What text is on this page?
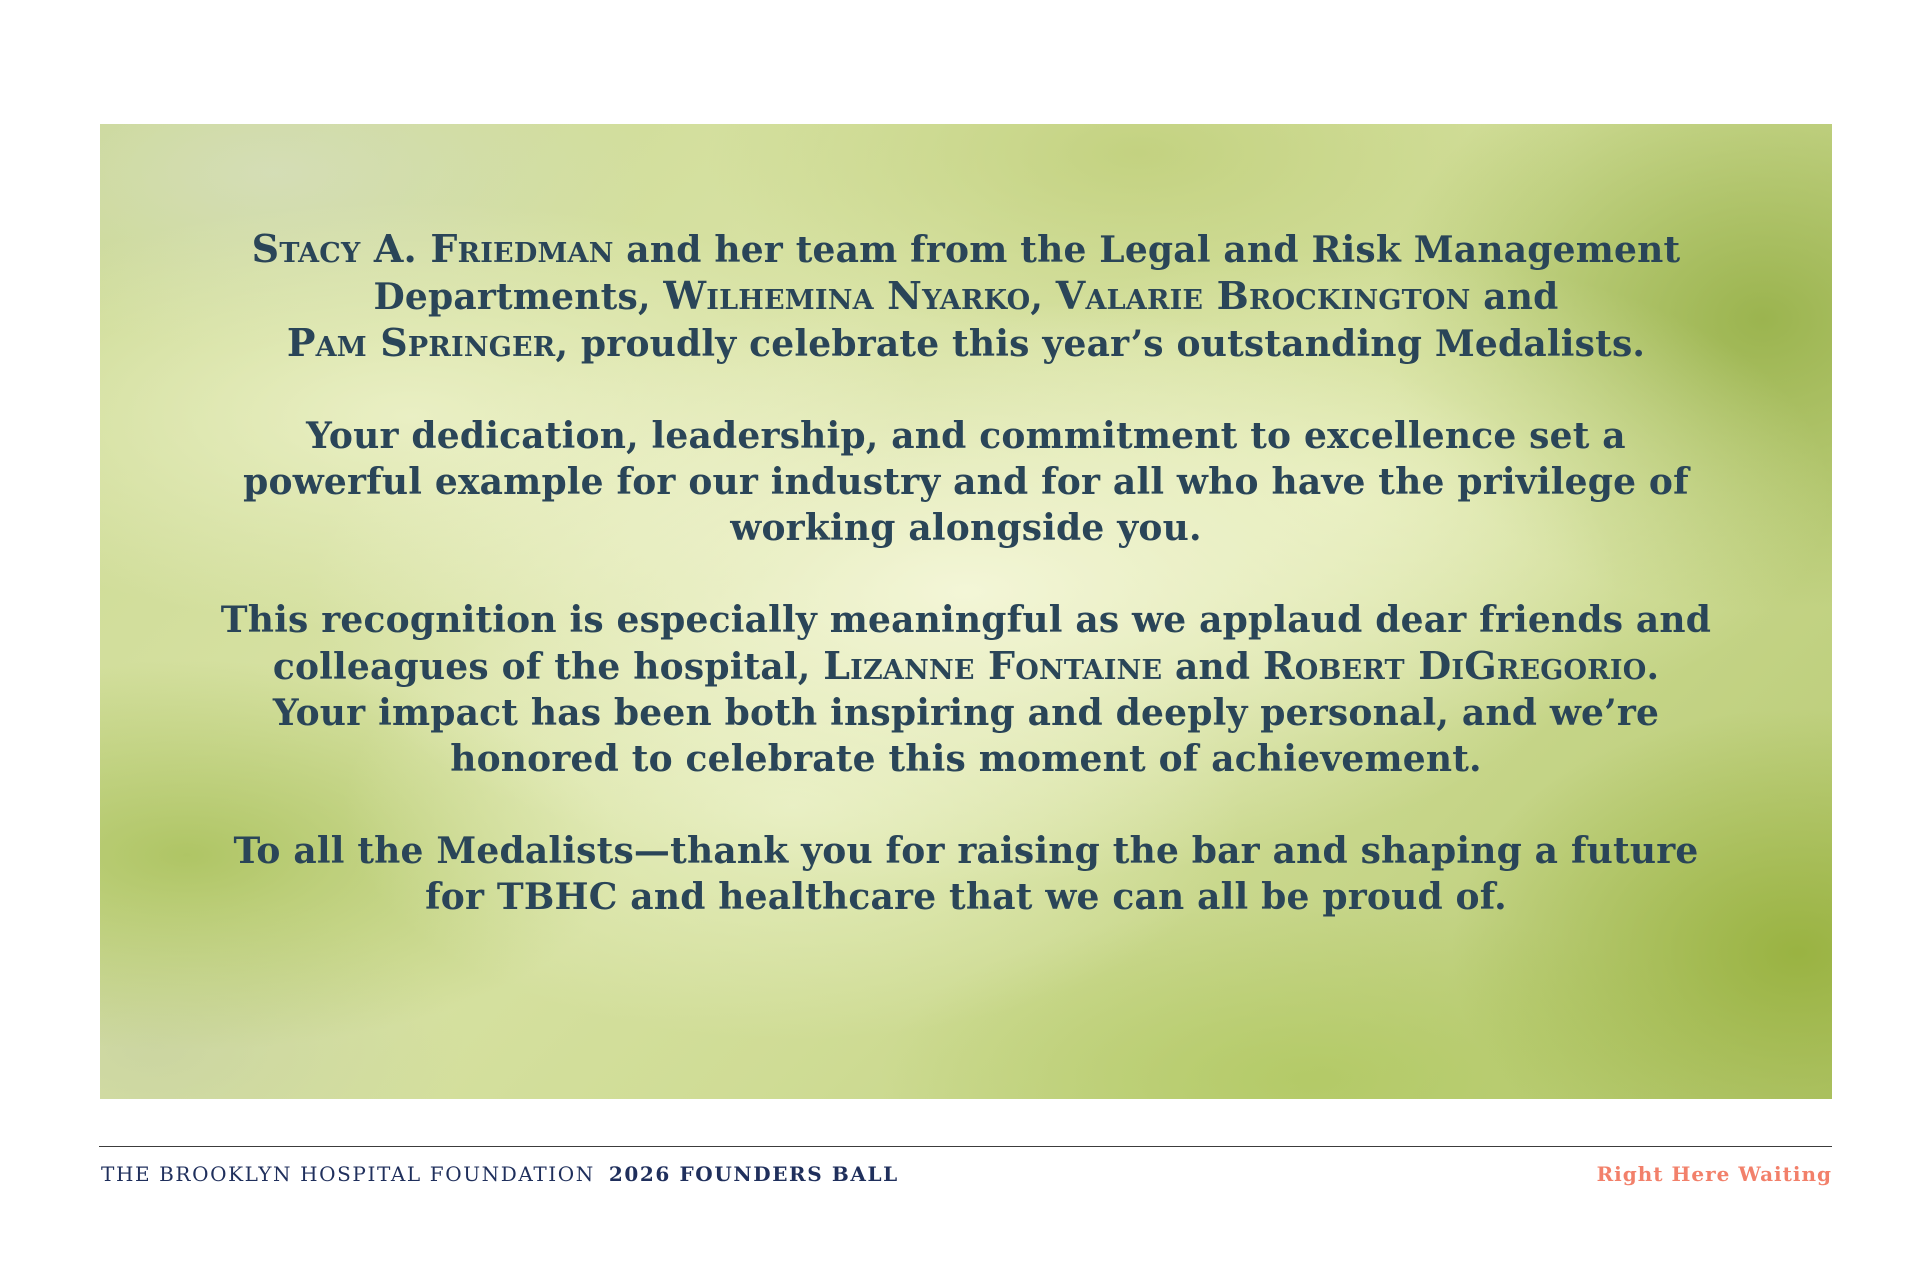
Stacy A. Friedman and her team from the Legal and Risk Management
Departments, Wilhemina Nyarko, Valarie Brockington and
Pam Springer, proudly celebrate this year’s outstanding Medalists.

Your dedication, leadership, and commitment to excellence set a
powerful example for our industry and for all who have the privilege of
working alongside you.

This recognition is especially meaningful as we applaud dear friends and
colleagues of the hospital, Lizanne Fontaine and Robert DiGregorio.
Your impact has been both inspiring and deeply personal, and we’re
honored to celebrate this moment of achievement.

To all the Medalists—thank you for raising the bar and shaping a future
for TBHC and healthcare that we can all be proud of.

THE BROOKLYN HOSPITAL FOUNDATION 2026 FOUNDERS BALL	Right Here Waiting
